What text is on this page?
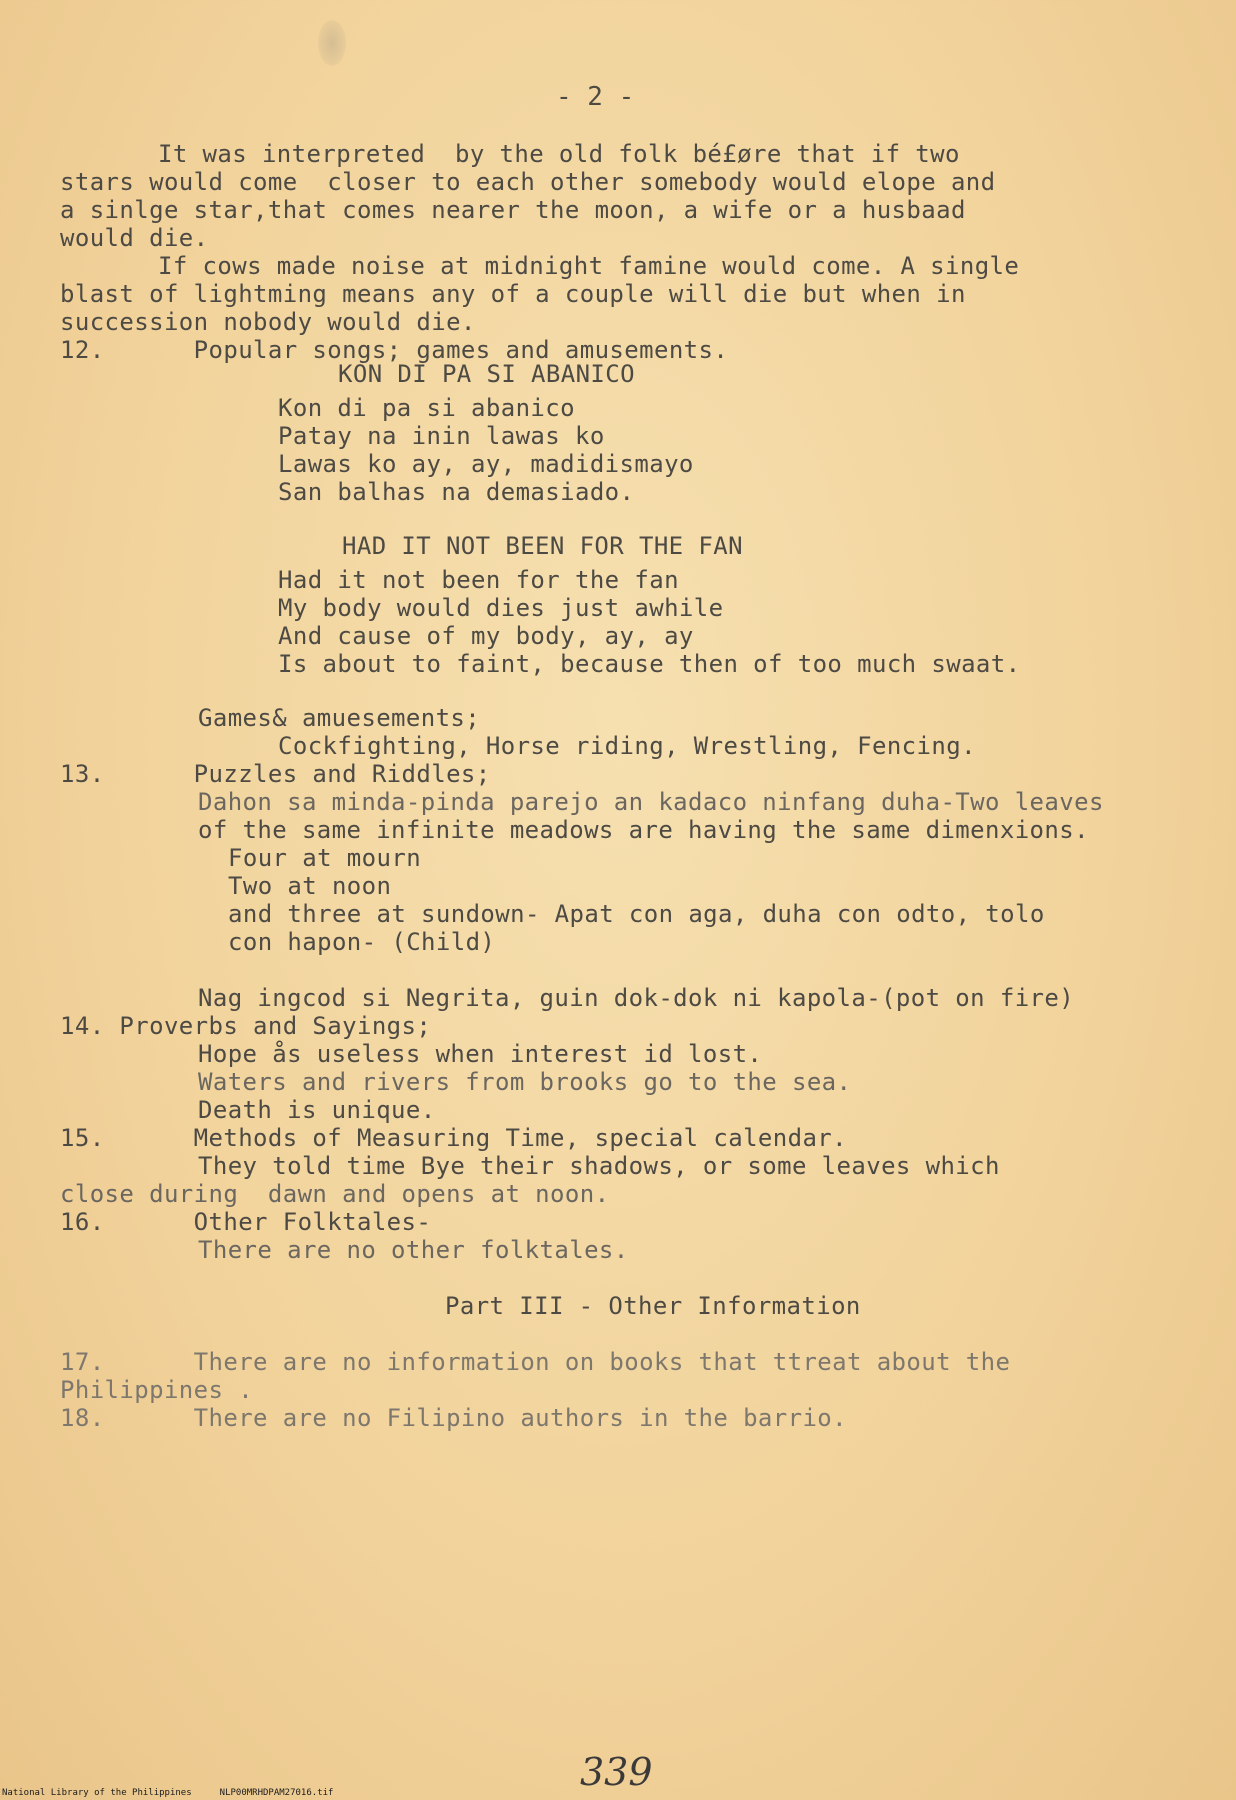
- 2 -
It was interpreted  by the old folk bé£øre that if two
stars would come  closer to each other somebody would elope and
a sinlge star,that comes nearer the moon, a wife or a husbaad
would die.
If cows made noise at midnight famine would come. A single
blast of lightming means any of a couple will die but when in
succession nobody would die.
12.      Popular songs; games and amusements.
KON DI PA SI ABANICO
Kon di pa si abanico
Patay na inin lawas ko
Lawas ko ay, ay, madidismayo
San balhas na demasiado.
HAD IT NOT BEEN FOR THE FAN
Had it not been for the fan
My body would dies just awhile
And cause of my body, ay, ay
Is about to faint, because then of too much swaat.
Games& amuesements;
Cockfighting, Horse riding, Wrestling, Fencing.
13.      Puzzles and Riddles;
Dahon sa minda-pinda parejo an kadaco ninfang duha-Two leaves
of the same infinite meadows are having the same dimenxions.
Four at mourn
Two at noon
and three at sundown- Apat con aga, duha con odto, tolo
con hapon- (Child)
Nag ingcod si Negrita, guin dok-dok ni kapola-(pot on fire)
14. Proverbs and Sayings;
Hope ås useless when interest id lost.
Waters and rivers from brooks go to the sea.
Death is unique.
15.      Methods of Measuring Time, special calendar.
They told time Bye their shadows, or some leaves which
close during  dawn and opens at noon.
16.      Other Folktales-
There are no other folktales.
Part III - Other Information
17.      There are no information on books that ttreat about the
Philippines .
18.      There are no Filipino authors in the barrio.
339
National Library of the Philippines	NLP00MRHDPAM27016.tif
